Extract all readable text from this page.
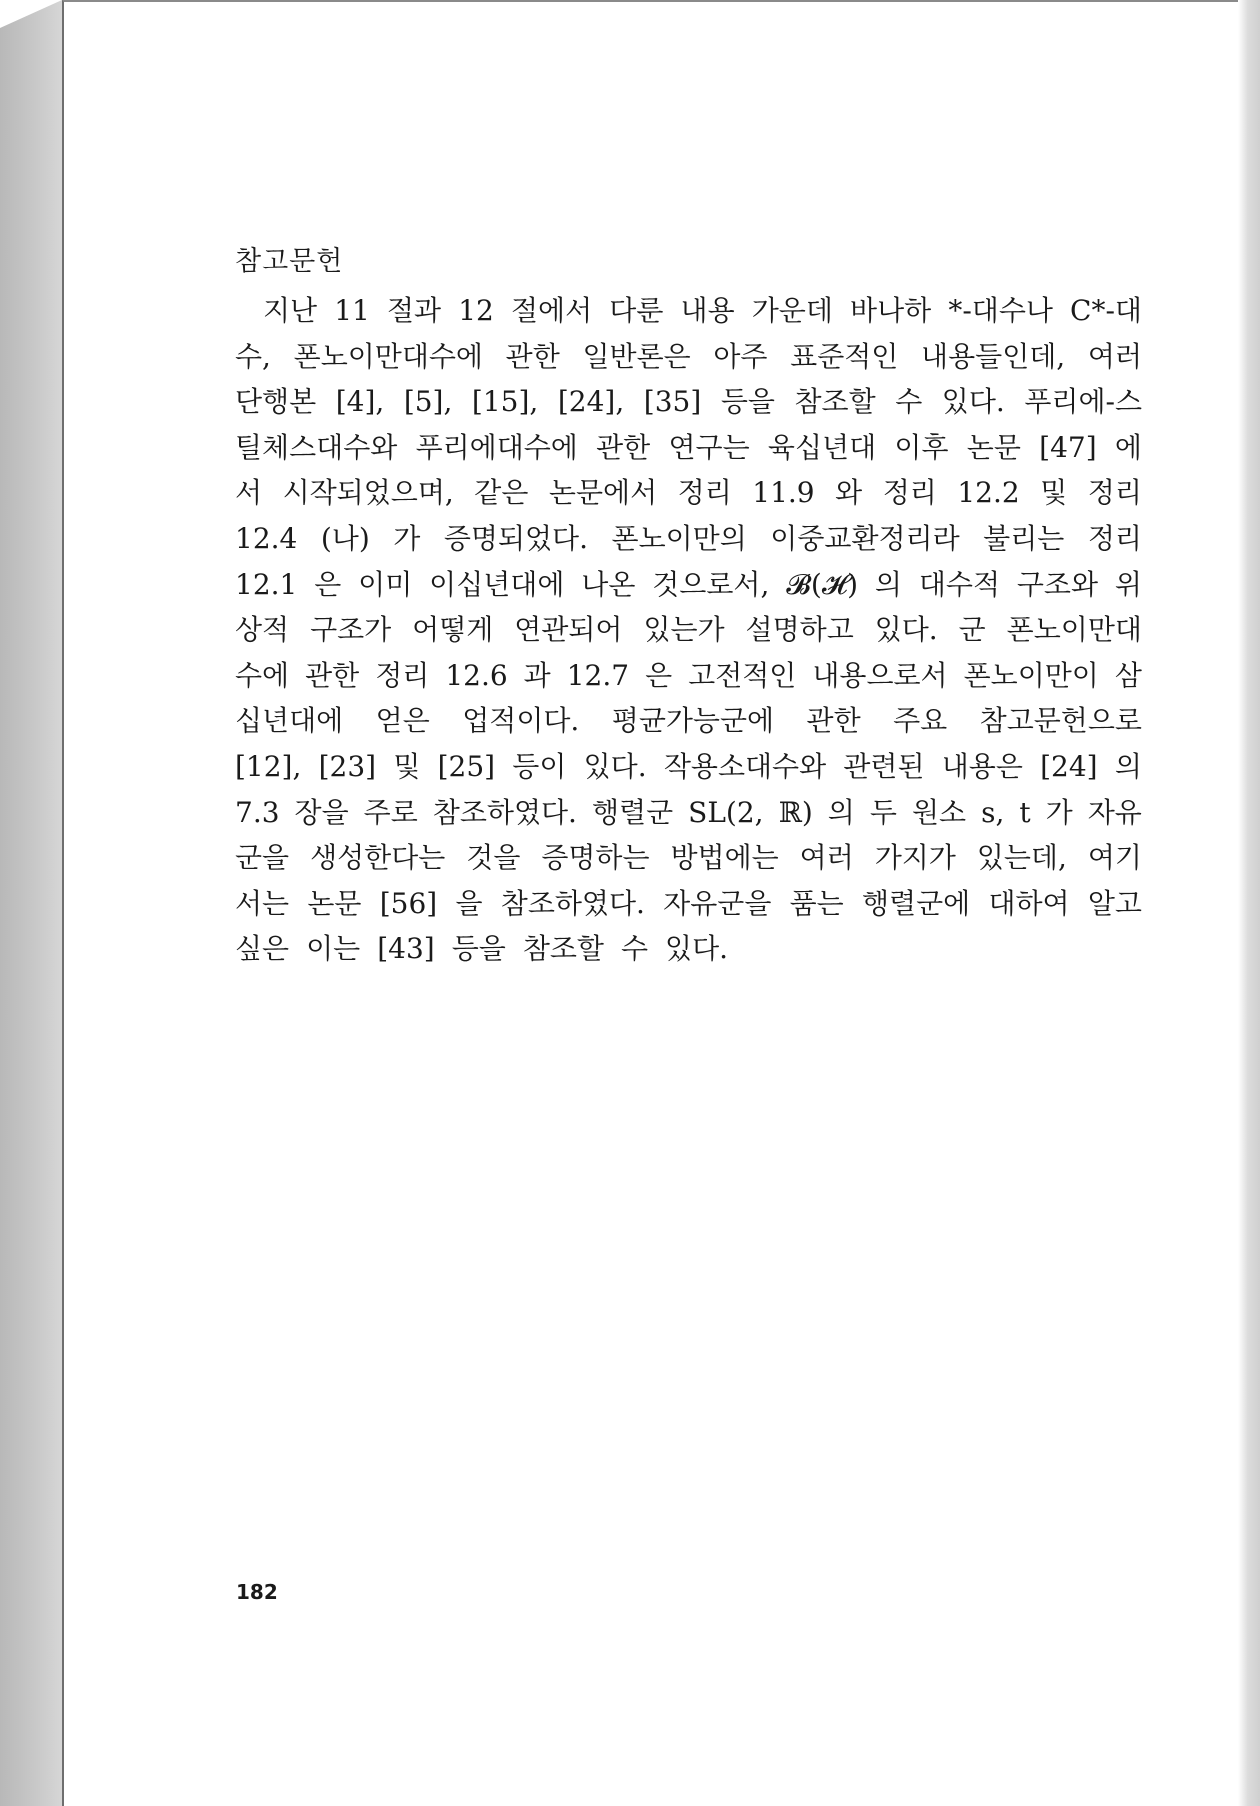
참고문헌
지난 11 절과 12 절에서 다룬 내용 가운데 바나하 *-대수나 C*-대
수, 폰노이만대수에 관한 일반론은 아주 표준적인 내용들인데, 여러
단행본 [4], [5], [15], [24], [35] 등을 참조할 수 있다. 푸리에-스
틸체스대수와 푸리에대수에 관한 연구는 육십년대 이후 논문 [47] 에
서 시작되었으며, 같은 논문에서 정리 11.9 와 정리 12.2 및 정리
12.4 (나) 가 증명되었다. 폰노이만의 이중교환정리라 불리는 정리
12.1 은 이미 이십년대에 나온 것으로서, 𝓑(𝓗) 의 대수적 구조와 위
상적 구조가 어떻게 연관되어 있는가 설명하고 있다. 군 폰노이만대
수에 관한 정리 12.6 과 12.7 은 고전적인 내용으로서 폰노이만이 삼
십년대에 얻은 업적이다. 평균가능군에 관한 주요 참고문헌으로
[12], [23] 및 [25] 등이 있다. 작용소대수와 관련된 내용은 [24] 의
7.3 장을 주로 참조하였다. 행렬군 SL(2, ℝ) 의 두 원소 s, t 가 자유
군을 생성한다는 것을 증명하는 방법에는 여러 가지가 있는데, 여기
서는 논문 [56] 을 참조하였다. 자유군을 품는 행렬군에 대하여 알고
싶은 이는 [43] 등을 참조할 수 있다.
182
